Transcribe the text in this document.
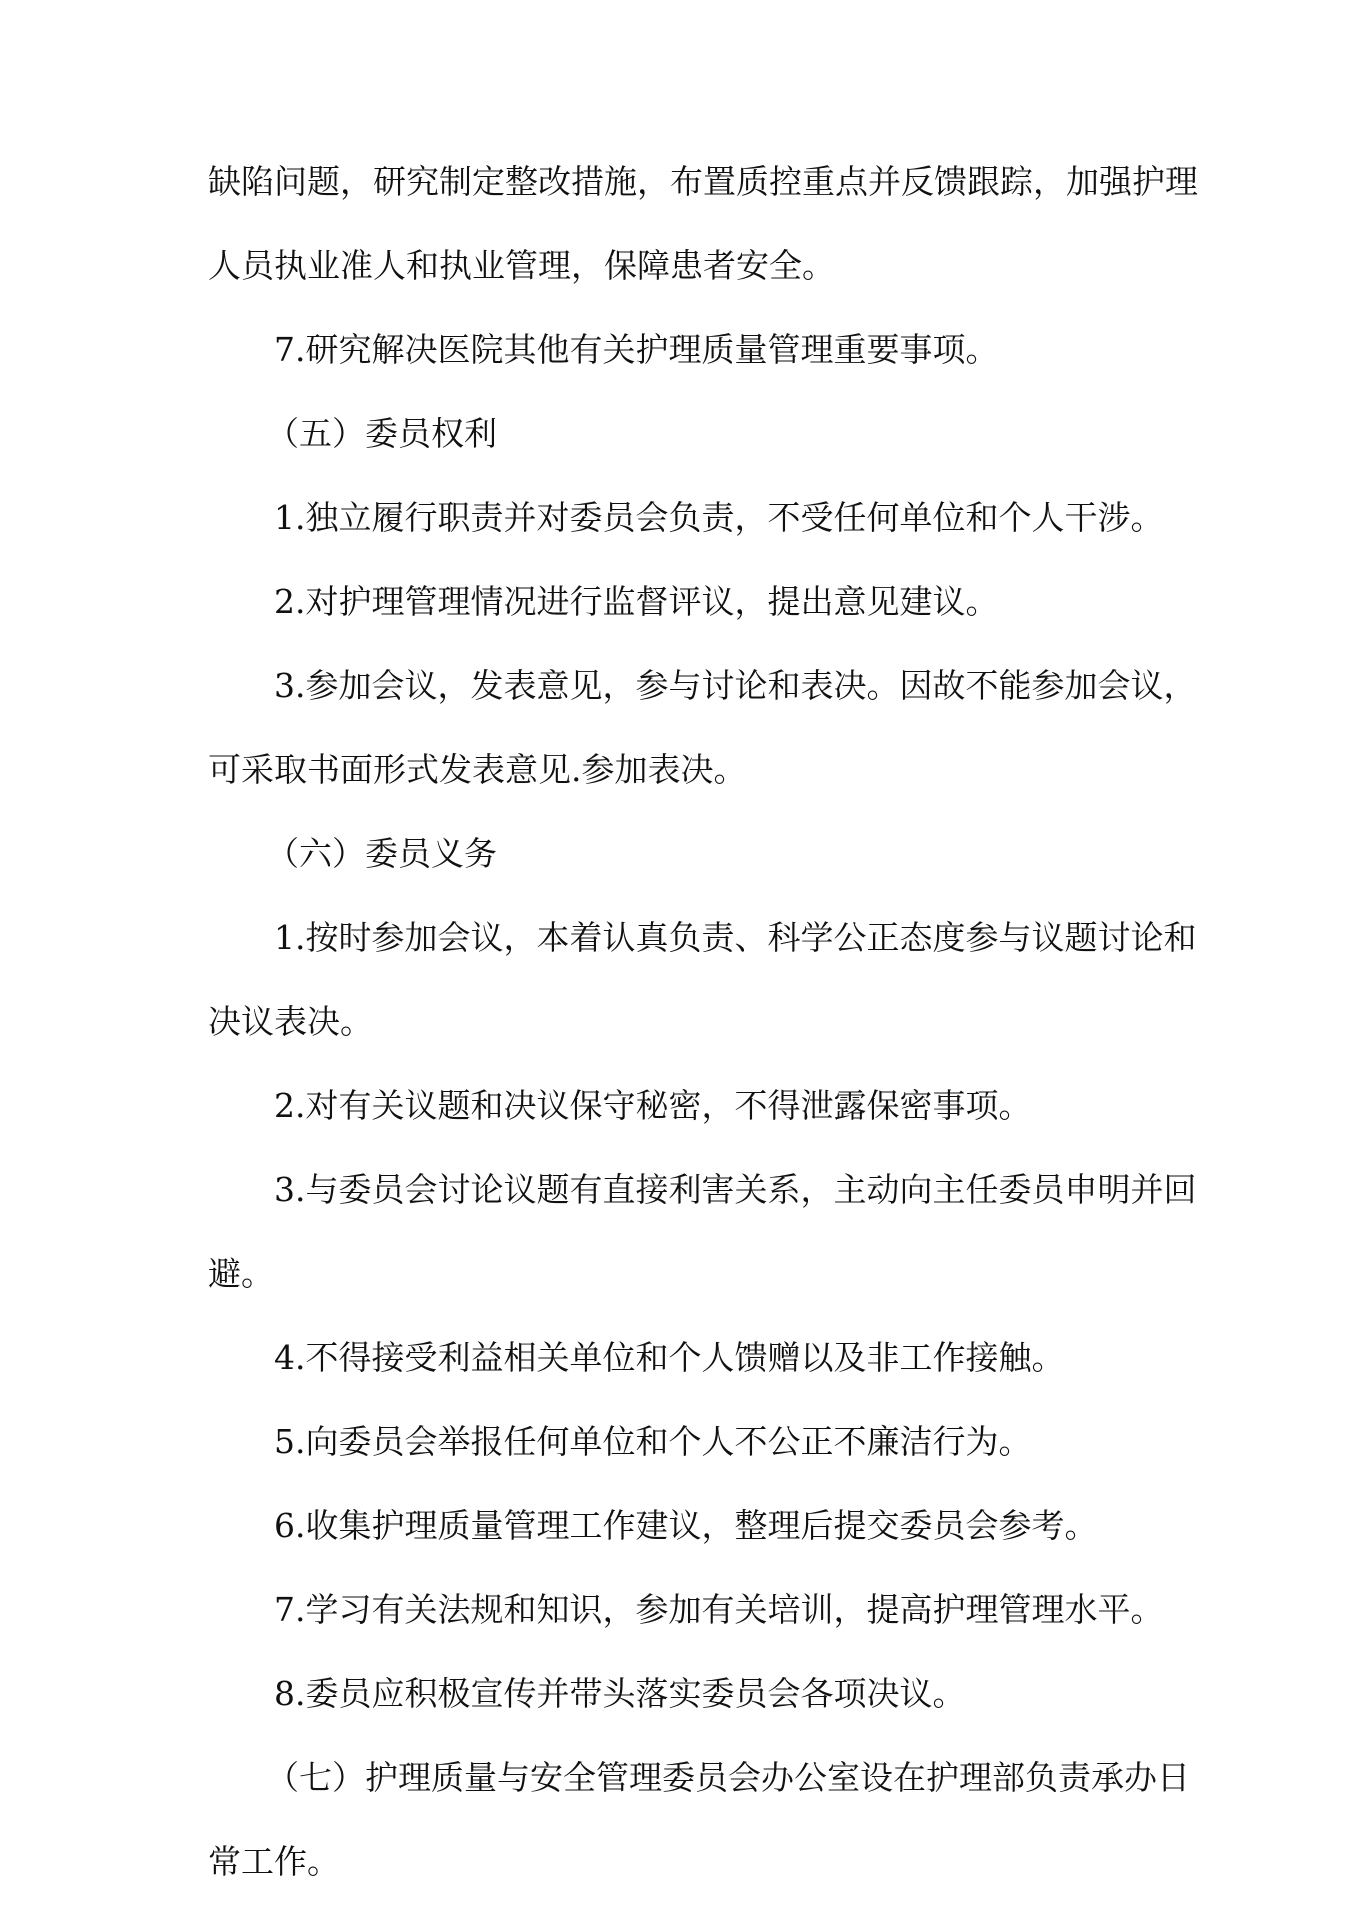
缺陷问题，研究制定整改措施，布置质控重点并反馈跟踪，加强护理
人员执业准人和执业管理，保障患者安全。
7.研究解决医院其他有关护理质量管理重要事项。
（五）委员权利
1.独立履行职责并对委员会负责，不受任何单位和个人干涉。
2.对护理管理情况进行监督评议，提出意见建议。
3.参加会议，发表意见，参与讨论和表决。因故不能参加会议，
可采取书面形式发表意见.参加表决。
（六）委员义务
1.按时参加会议，本着认真负责、科学公正态度参与议题讨论和
决议表决。
2.对有关议题和决议保守秘密，不得泄露保密事项。
3.与委员会讨论议题有直接利害关系，主动向主任委员申明并回
避。
4.不得接受利益相关单位和个人馈赠以及非工作接触。
5.向委员会举报任何单位和个人不公正不廉洁行为。
6.收集护理质量管理工作建议，整理后提交委员会参考。
7.学习有关法规和知识，参加有关培训，提高护理管理水平。
8.委员应积极宣传并带头落实委员会各项决议。
（七）护理质量与安全管理委员会办公室设在护理部负责承办日
常工作。
